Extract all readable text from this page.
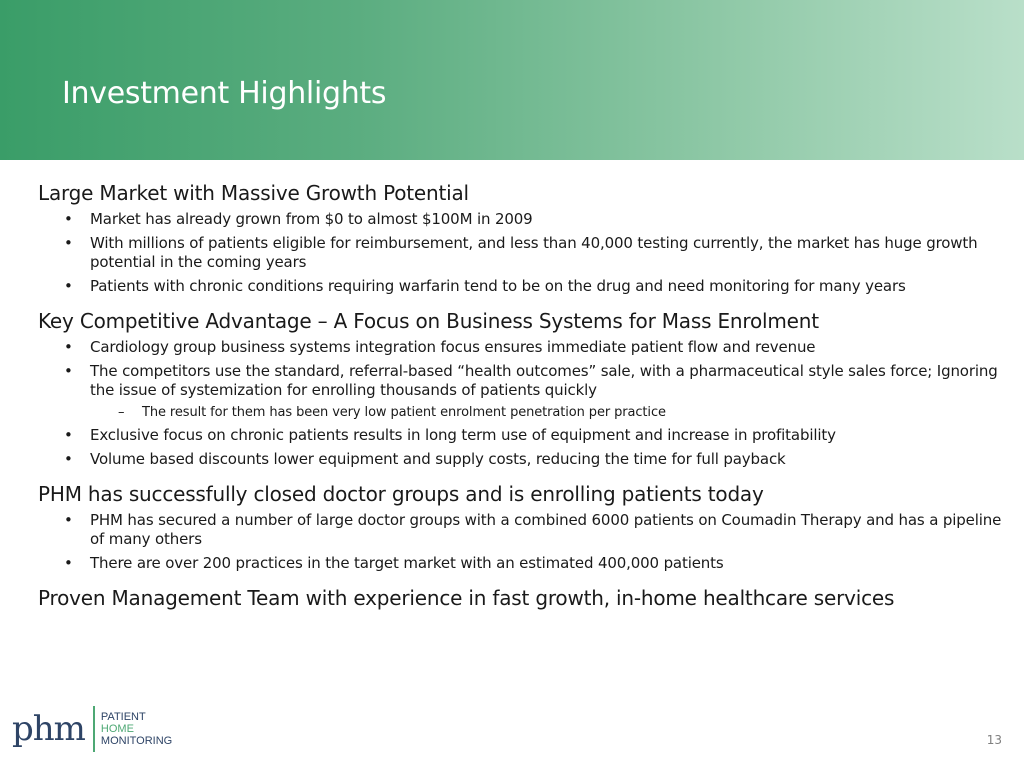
Investment Highlights
Large Market with Massive Growth Potential
• Market has already grown from $0 to almost $100M in 2009
• With millions of patients eligible for reimbursement, and less than 40,000 testing currently, the market has huge growth potential in the coming years
• Patients with chronic conditions requiring warfarin tend to be on the drug and need monitoring for many years
Key Competitive Advantage – A Focus on Business Systems for Mass Enrolment
• Cardiology group business systems integration focus ensures immediate patient flow and revenue
• The competitors use the standard, referral-based “health outcomes” sale, with a pharmaceutical style sales force; Ignoring the issue of systemization for enrolling thousands of patients quickly
– The result for them has been very low patient enrolment penetration per practice
• Exclusive focus on chronic patients results in long term use of equipment and increase in profitability
• Volume based discounts lower equipment and supply costs, reducing the time for full payback
PHM has successfully closed doctor groups and is enrolling patients today
• PHM has secured a number of large doctor groups with a combined 6000 patients on Coumadin Therapy and has a pipeline of many others
• There are over 200 practices in the target market with an estimated 400,000 patients
Proven Management Team with experience in fast growth, in-home healthcare services
phm PATIENT
HOME
MONITORING	13
